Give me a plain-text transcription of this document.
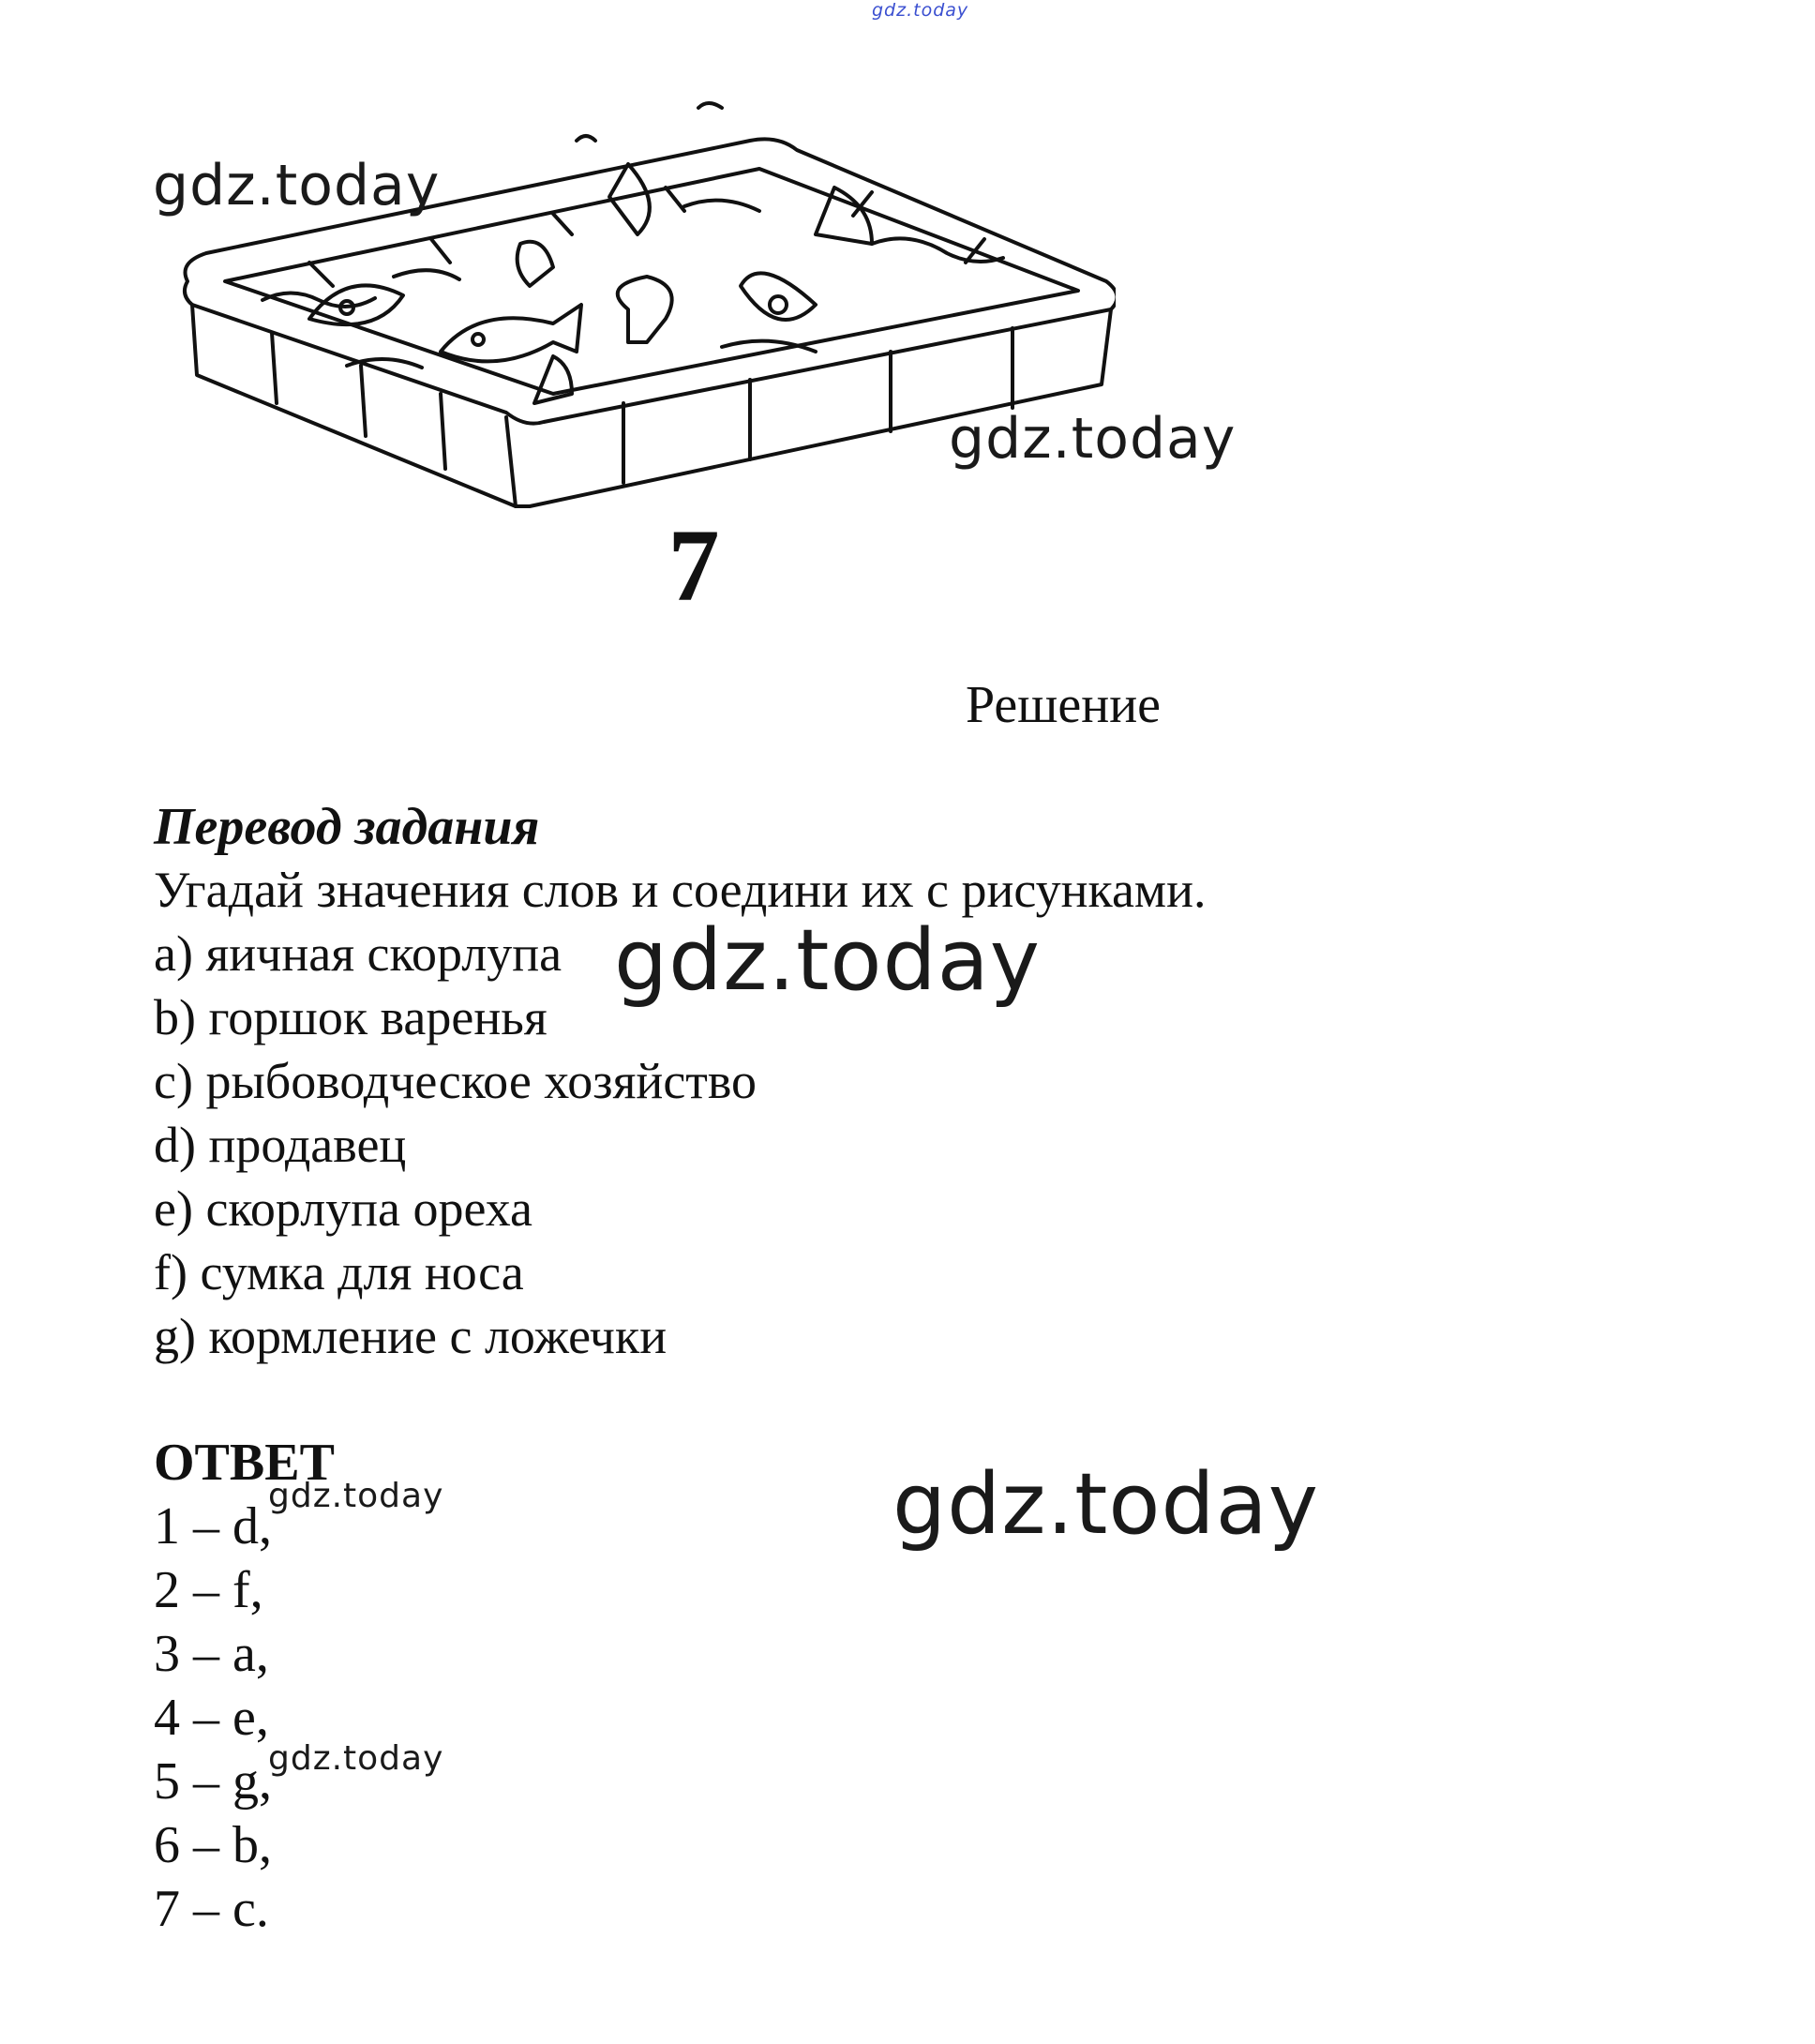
gdz.today
7
gdz.today
gdz.today
Решение
Перевод задания
Угадай значения слов и соедини их с рисунками.
a) яичная скорлупа
b) горшок варенья
c) рыбоводческое хозяйство
d) продавец
e) скорлупа ореха
f) сумка для носа
g) кормление с ложечки
gdz.today
ОТВЕТ
1 – d,
2 – f,
3 – a,
4 – e,
5 – g,
6 – b,
7 – c.
gdz.today
gdz.today
gdz.today
